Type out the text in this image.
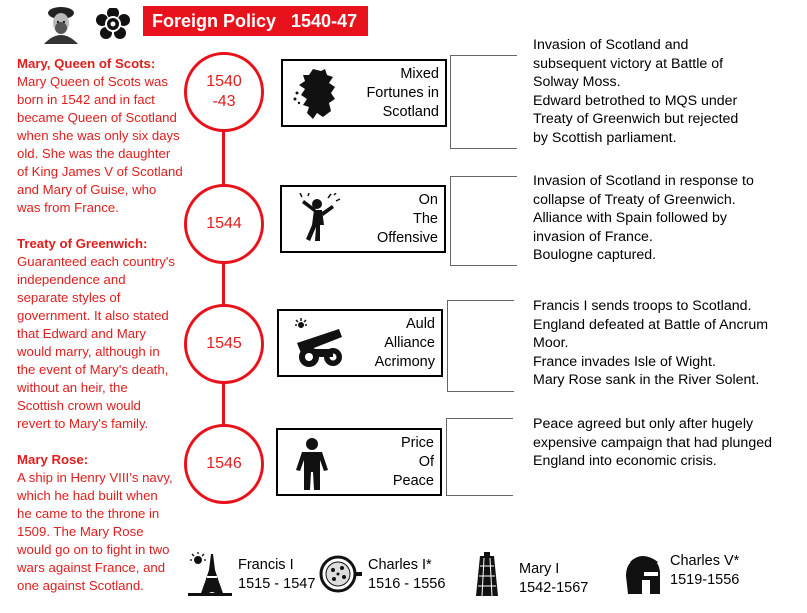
Foreign Policy   1540-47
Mary, Queen of Scots:
Mary Queen of Scots was
born in 1542 and in fact
became Queen of Scotland
when she was only six days
old. She was the daughter
of King James V of Scotland
and Mary of Guise, who
was from France.
Treaty of Greenwich:
Guaranteed each country's
independence and
separate styles of
government. It also stated
that Edward and Mary
would marry, although in
the event of Mary's death,
without an heir, the
Scottish crown would
revert to Mary's family.
Mary Rose:
A ship in Henry VIII’s navy,
which he had built when
he came to the throne in
1509. The Mary Rose
would go on to fight in two
wars against France, and
one against Scotland.
1540
-43
1544
1545
1546
Mixed
Fortunes in
Scotland
On
The
Offensive
Auld
Alliance
Acrimony
Price
Of
Peace
Invasion of Scotland and
subsequent victory at Battle of
Solway Moss.
Edward betrothed to MQS under
Treaty of Greenwich but rejected
by Scottish parliament.
Invasion of Scotland in response to
collapse of Treaty of Greenwich.
Alliance with Spain followed by
invasion of France.
Boulogne captured.
Francis I sends troops to Scotland.
England defeated at Battle of Ancrum
Moor.
France invades Isle of Wight.
Mary Rose sank in the River Solent.
Peace agreed but only after hugely
expensive campaign that had plunged
England into economic crisis.
Francis I
1515 - 1547
Charles I*
1516 - 1556
Mary I
1542-1567
Charles V*
1519-1556
